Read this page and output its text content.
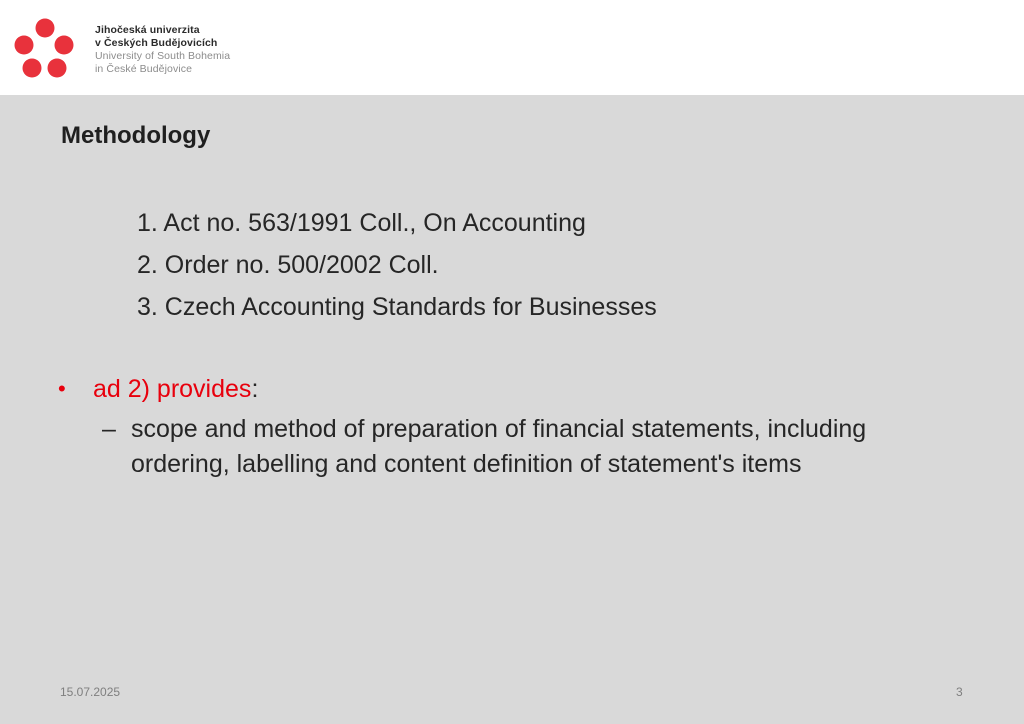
Jihočeská univerzita
v Českých Budějovicích
University of South Bohemia
in České Budějovice
Methodology
1. Act no. 563/1991 Coll., On Accounting
2. Order no. 500/2002 Coll.
3. Czech Accounting Standards for Businesses
• ad 2) provides:
– scope and method of preparation of financial statements, including ordering, labelling and content definition of statement's items
15.07.2025	3
